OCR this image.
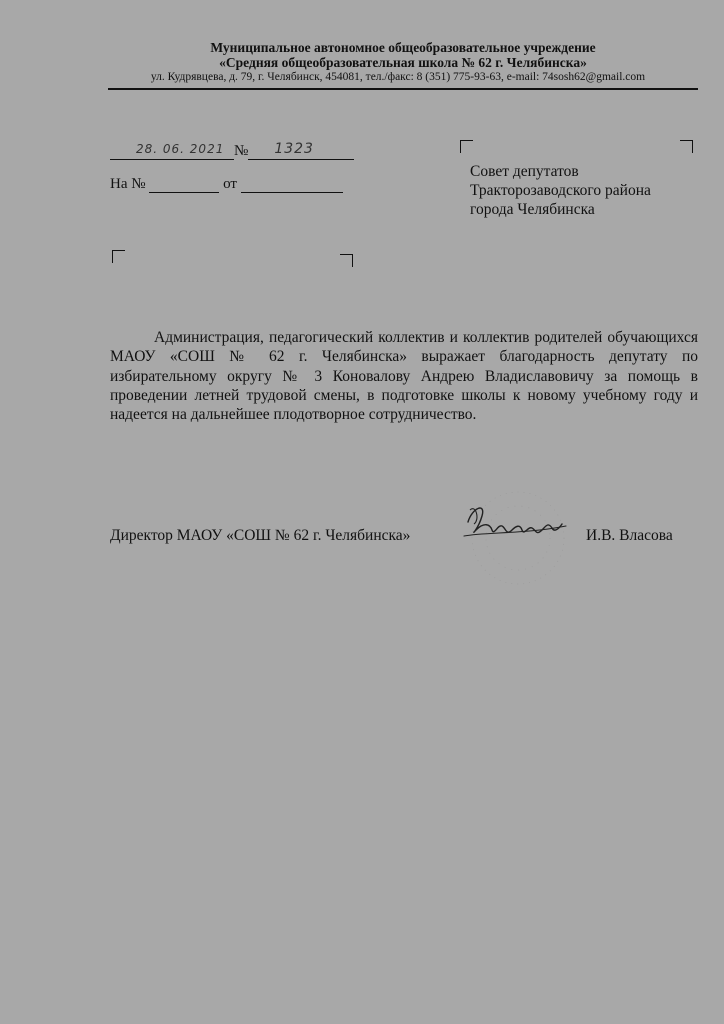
Муниципальное автономное общеобразовательное учреждение
«Средняя общеобразовательная школа № 62 г. Челябинска»
ул. Кудрявцева, д. 79, г. Челябинск, 454081, тел./факс: 8 (351) 775-93-63, e-mail: 74sosh62@gmail.com
28. 06. 2021 № 1323
На №	от
Совет депутатов
Тракторозаводского района
города Челябинска
Администрация, педагогический коллектив и коллектив родителей обучающихся МАОУ «СОШ № 62 г. Челябинска» выражает благодарность депутату по избирательному округу № 3 Коновалову Андрею Владиславовичу за помощь в проведении летней трудовой смены, в подготовке школы к новому учебному году и надеется на дальнейшее плодотворное сотрудничество.
Директор МАОУ «СОШ № 62 г. Челябинска»	И.В. Власова
